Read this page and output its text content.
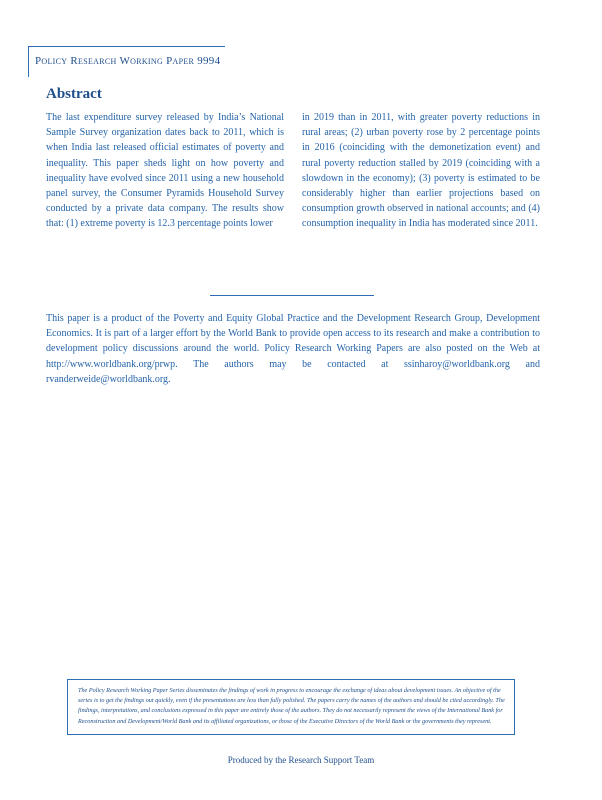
Policy Research Working Paper 9994
Abstract

The last expenditure survey released by India’s National Sample Survey organization dates back to 2011, which is when India last released official estimates of poverty and inequality. This paper sheds light on how poverty and inequality have evolved since 2011 using a new household panel survey, the Consumer Pyramids Household Survey conducted by a private data company. The results show that: (1) extreme poverty is 12.3 percentage points lower

in 2019 than in 2011, with greater poverty reductions in rural areas; (2) urban poverty rose by 2 percentage points in 2016 (coinciding with the demonetization event) and rural poverty reduction stalled by 2019 (coinciding with a slowdown in the economy); (3) poverty is estimated to be considerably higher than earlier projections based on consumption growth observed in national accounts; and (4) consumption inequality in India has moderated since 2011.

This paper is a product of the Poverty and Equity Global Practice and the Development Research Group, Development Economics. It is part of a larger effort by the World Bank to provide open access to its research and make a contribution to development policy discussions around the world. Policy Research Working Papers are also posted on the Web at http://www.worldbank.org/prwp. The authors may be contacted at ssinharoy@worldbank.org and rvanderweide@worldbank.org.

The Policy Research Working Paper Series disseminates the findings of work in progress to encourage the exchange of ideas about development issues. An objective of the series is to get the findings out quickly, even if the presentations are less than fully polished. The papers carry the names of the authors and should be cited accordingly. The findings, interpretations, and conclusions expressed in this paper are entirely those of the authors. They do not necessarily represent the views of the International Bank for Reconstruction and Development/World Bank and its affiliated organizations, or those of the Executive Directors of the World Bank or the governments they represent.

Produced by the Research Support Team
